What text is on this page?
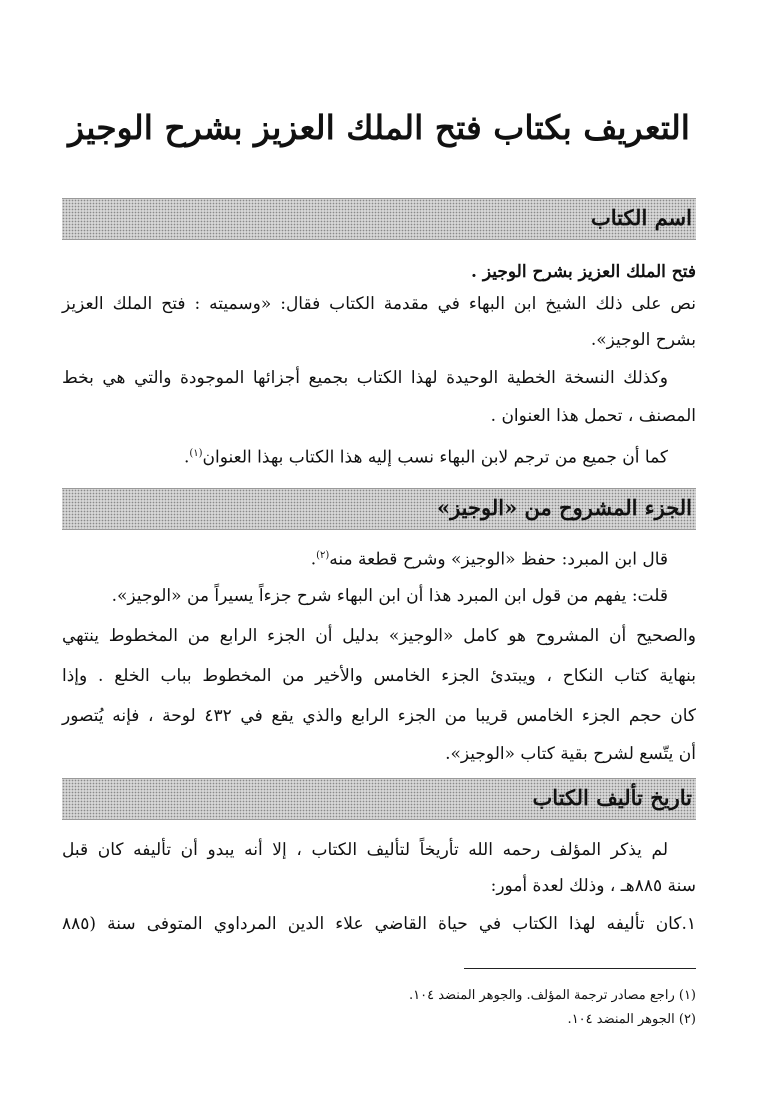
التعريف بكتاب فتح الملك العزيز بشرح الوجيز
اسم الكتاب
فتح الملك العزيز بشرح الوجيز .
نص على ذلك الشيخ ابن البهاء في مقدمة الكتاب فقال: «وسميته : فتح الملك العزيز
بشرح الوجيز».
وكذلك النسخة الخطية الوحيدة لهذا الكتاب بجميع أجزائها الموجودة والتي هي بخط
المصنف ، تحمل هذا العنوان .
كما أن جميع من ترجم لابن البهاء نسب إليه هذا الكتاب بهذا العنوان$^{(١)}$.
الجزء المشروح من «الوجيز»
قال ابن المبرد: حفظ «الوجيز» وشرح قطعة منه$^{(٢)}$.
قلت: يفهم من قول ابن المبرد هذا أن ابن البهاء شرح جزءاً يسيراً من «الوجيز».
والصحيح أن المشروح هو كامل «الوجيز» بدليل أن الجزء الرابع من المخطوط ينتهي
بنهاية كتاب النكاح ، ويبتدئ الجزء الخامس والأخير من المخطوط بباب الخلع . وإذا
كان حجم الجزء الخامس قريبا من الجزء الرابع والذي يقع في ٤٣٢ لوحة ، فإنه يُتصور
أن يتّسع لشرح بقية كتاب «الوجيز».
تاريخ تأليف الكتاب
لم يذكر المؤلف رحمه الله تأريخاً لتأليف الكتاب ، إلا أنه يبدو أن تأليفه كان قبل
سنة ٨٨٥هـ ، وذلك لعدة أمور:
١.كان تأليفه لهذا الكتاب في حياة القاضي علاء الدين المرداوي المتوفى سنة (٨٨٥
(١) راجع مصادر ترجمة المؤلف. والجوهر المنضد ١٠٤.
(٢) الجوهر المنضد ١٠٤.
